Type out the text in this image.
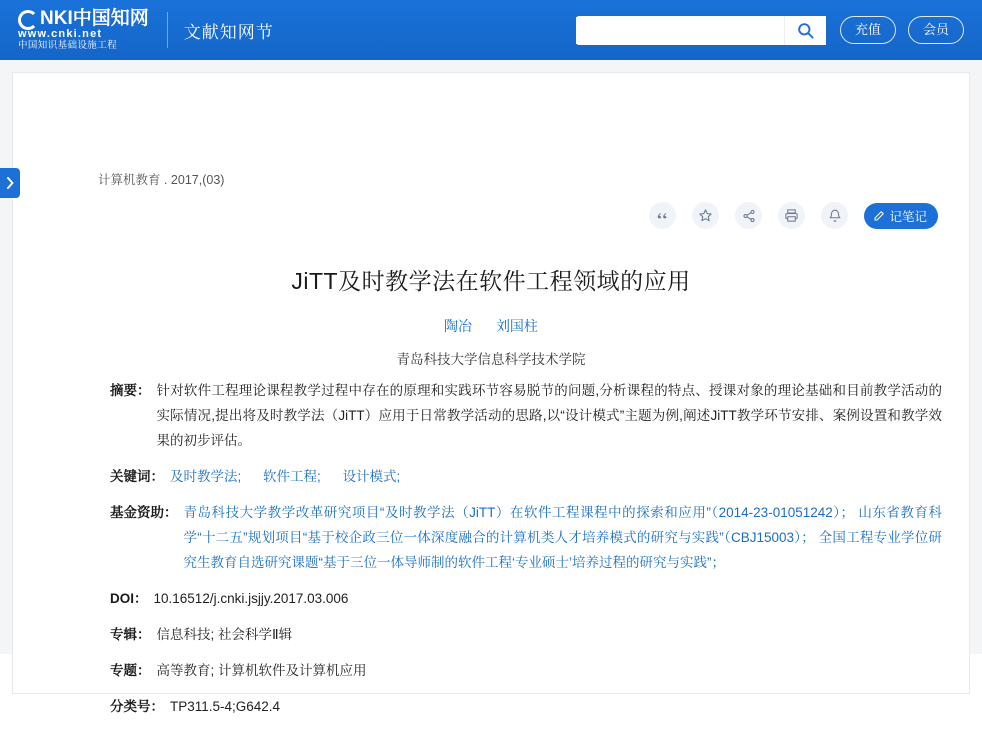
NKI中国知网
www.cnki.net
中国知识基础设施工程
文献知网节	充值	会员
计算机教育 . 2017,(03)
记笔记
JiTT及时教学法在软件工程领域的应用
陶冶 刘国柱
青岛科技大学信息科学技术学院
摘要： 针对软件工程理论课程教学过程中存在的原理和实践环节容易脱节的问题,分析课程的特点、授课对象的理论基础和目前教学活动的实际情况,提出将及时教学法（JiTT）应用于日常教学活动的思路,以“设计模式”主题为例,阐述JiTT教学环节安排、案例设置和教学效果的初步评估。
关键词： 及时教学法; 软件工程; 设计模式;
基金资助： 青岛科技大学教学改革研究项目“及时教学法（JiTT）在软件工程课程中的探索和应用”（2014-23-01051242）； 山东省教育科学“十二五”规划项目“基于校企政三位一体深度融合的计算机类人才培养模式的研究与实践”（CBJ15003）； 全国工程专业学位研究生教育自选研究课题“基于三位一体导师制的软件工程‘专业硕士’培养过程的研究与实践”；
DOI： 10.16512/j.cnki.jsjjy.2017.03.006
专辑： 信息科技; 社会科学Ⅱ辑
专题： 高等教育; 计算机软件及计算机应用
分类号： TP311.5-4;G642.4
